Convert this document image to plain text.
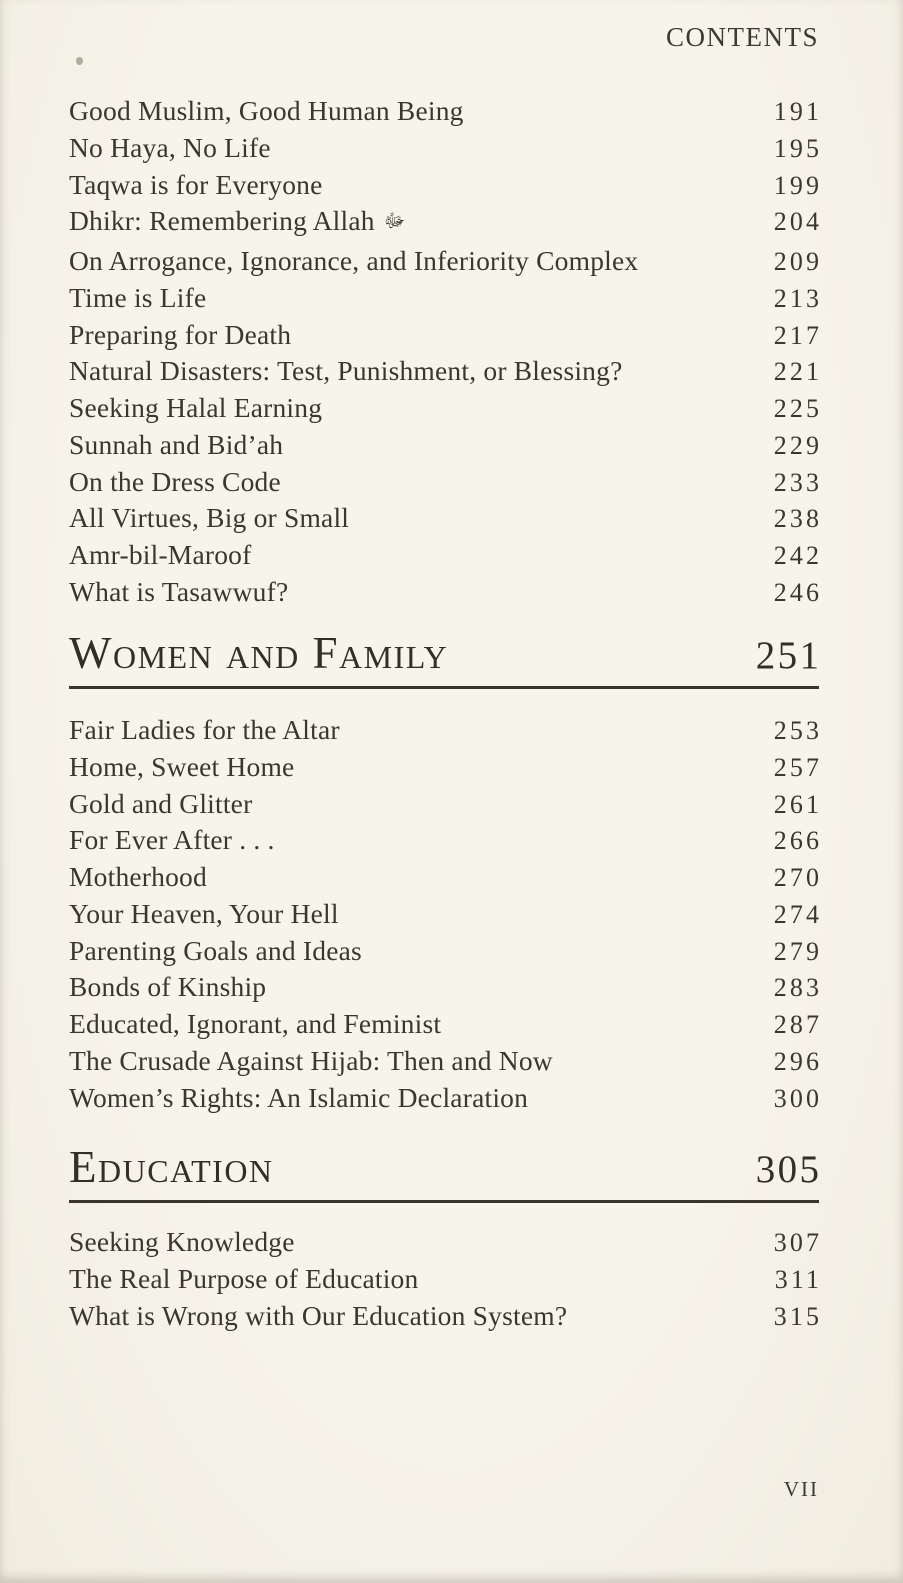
CONTENTS
Good Muslim, Good Human Being	191
No Haya, No Life	195
Taqwa is for Everyone	199
Dhikr: Remembering Allah ﷻ	204
On Arrogance, Ignorance, and Inferiority Complex	209
Time is Life	213
Preparing for Death	217
Natural Disasters: Test, Punishment, or Blessing?	221
Seeking Halal Earning	225
Sunnah and Bid’ah	229
On the Dress Code	233
All Virtues, Big or Small	238
Amr-bil-Maroof	242
What is Tasawwuf?	246
Women and Family	251
Fair Ladies for the Altar	253
Home, Sweet Home	257
Gold and Glitter	261
For Ever After . . .	266
Motherhood	270
Your Heaven, Your Hell	274
Parenting Goals and Ideas	279
Bonds of Kinship	283
Educated, Ignorant, and Feminist	287
The Crusade Against Hijab: Then and Now	296
Women’s Rights: An Islamic Declaration	300
Education	305
Seeking Knowledge	307
The Real Purpose of Education	311
What is Wrong with Our Education System?	315
VII
